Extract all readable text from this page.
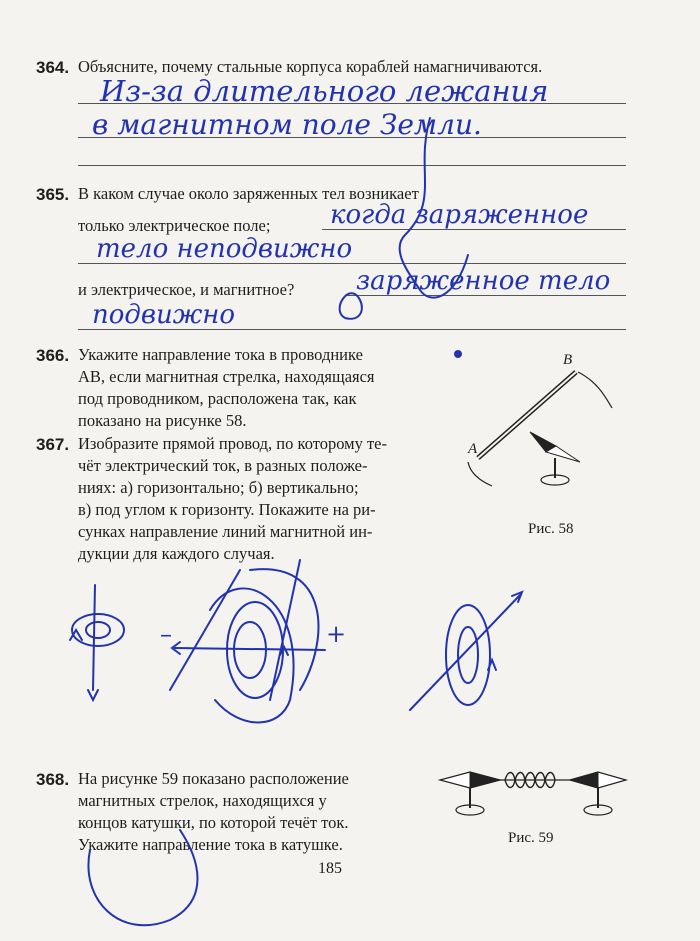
364. Объясните, почему стальные корпуса кораблей намагничиваются.
Из-за длительного лежания
в магнитном поле Земли.
365. В каком случае около заряженных тел возникает
только электрическое поле; когда заряженное
тело неподвижно
и электрическое, и магнитное? заряженное тело
подвижно
366. Укажите направление тока в проводнике
AB, если магнитная стрелка, находящаяся
под проводником, расположена так, как
показано на рисунке 58.
367. Изобразите прямой провод, по которому те-
чёт электрический ток, в разных положе-
ниях: а) горизонтально; б) вертикально;
в) под углом к горизонту. Покажите на ри-
сунках направление линий магнитной ин-
дукции для каждого случая.
B
A
Рис. 58
368. На рисунке 59 показано расположение
магнитных стрелок, находящихся у
концов катушки, по которой течёт ток.
Укажите направление тока в катушке.	Рис. 59
185
–	+
